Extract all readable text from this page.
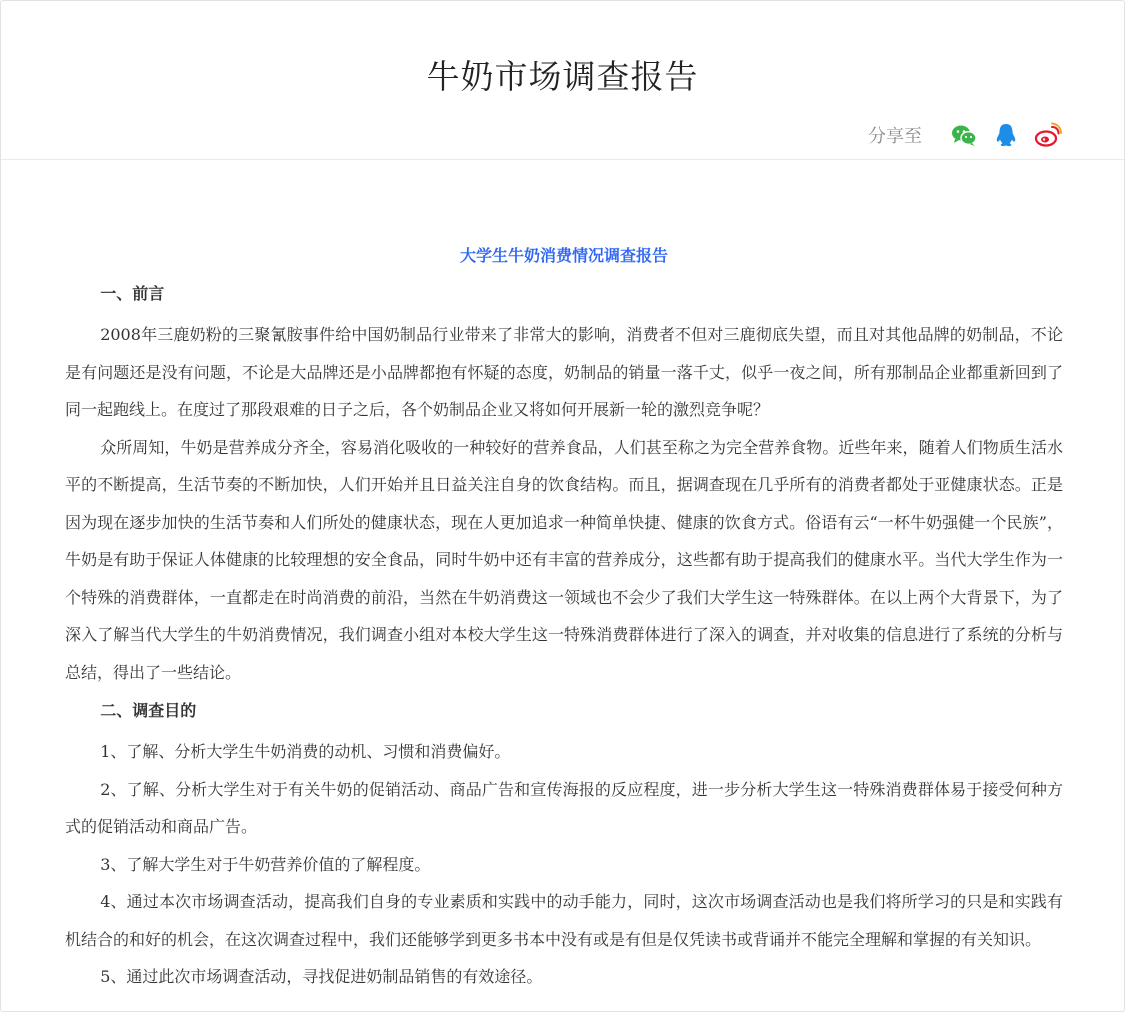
牛奶市场调查报告
分享至

大学生牛奶消费情况调查报告

一、前言

2008年三鹿奶粉的三聚氰胺事件给中国奶制品行业带来了非常大的影响，消费者不但对三鹿彻底失望，而且对其他品牌的奶制品，不论是有问题还是没有问题，不论是大品牌还是小品牌都抱有怀疑的态度，奶制品的销量一落千丈，似乎一夜之间，所有那制品企业都重新回到了同一起跑线上。在度过了那段艰难的日子之后，各个奶制品企业又将如何开展新一轮的激烈竞争呢？

众所周知，牛奶是营养成分齐全，容易消化吸收的一种较好的营养食品，人们甚至称之为完全营养食物。近些年来，随着人们物质生活水平的不断提高，生活节奏的不断加快，人们开始并且日益关注自身的饮食结构。而且，据调查现在几乎所有的消费者都处于亚健康状态。正是因为现在逐步加快的生活节奏和人们所处的健康状态，现在人更加追求一种简单快捷、健康的饮食方式。俗语有云“一杯牛奶强健一个民族”，牛奶是有助于保证人体健康的比较理想的安全食品，同时牛奶中还有丰富的营养成分，这些都有助于提高我们的健康水平。当代大学生作为一个特殊的消费群体，一直都走在时尚消费的前沿，当然在牛奶消费这一领域也不会少了我们大学生这一特殊群体。在以上两个大背景下，为了深入了解当代大学生的牛奶消费情况，我们调查小组对本校大学生这一特殊消费群体进行了深入的调查，并对收集的信息进行了系统的分析与总结，得出了一些结论。

二、调查目的

1、了解、分析大学生牛奶消费的动机、习惯和消费偏好。

2、了解、分析大学生对于有关牛奶的促销活动、商品广告和宣传海报的反应程度，进一步分析大学生这一特殊消费群体易于接受何种方式的促销活动和商品广告。

3、了解大学生对于牛奶营养价值的了解程度。

4、通过本次市场调查活动，提高我们自身的专业素质和实践中的动手能力，同时，这次市场调查活动也是我们将所学习的只是和实践有机结合的和好的机会，在这次调查过程中，我们还能够学到更多书本中没有或是有但是仅凭读书或背诵并不能完全理解和掌握的有关知识。

5、通过此次市场调查活动，寻找促进奶制品销售的有效途径。
